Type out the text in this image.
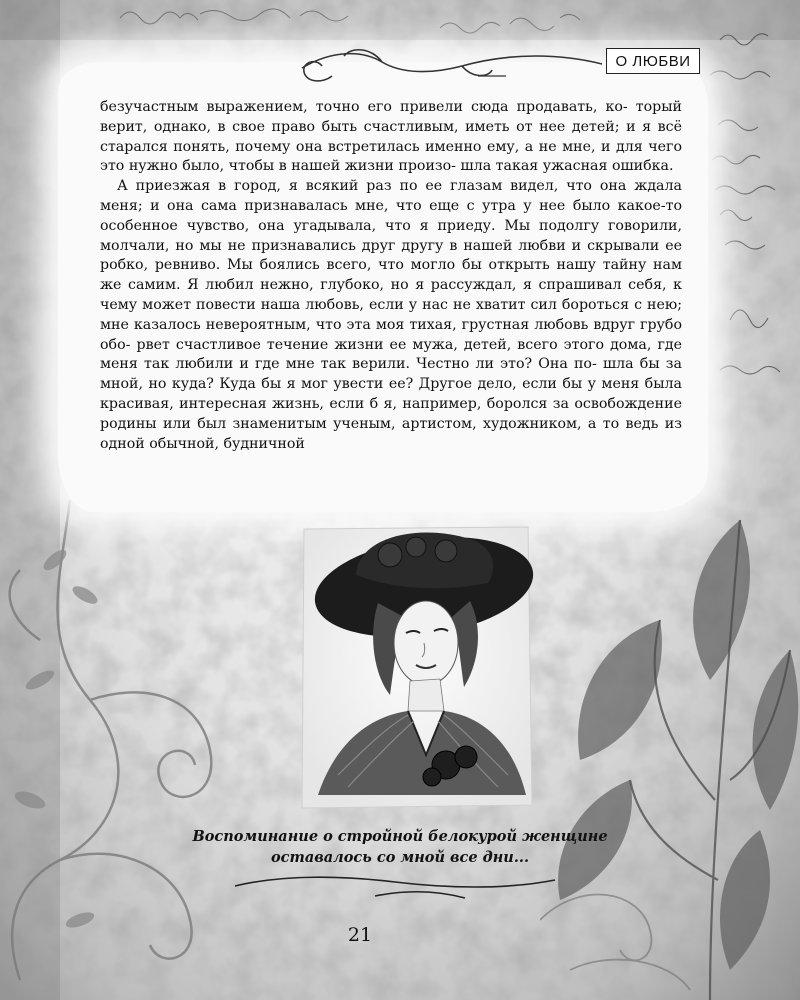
О ЛЮБВИ

безучастным выражением, точно его привели сюда продавать, ко- торый верит, однако, в свое право быть счастливым, иметь от нее детей; и я всё старался понять, почему она встретилась именно ему, а не мне, и для чего это нужно было, чтобы в нашей жизни произо- шла такая ужасная ошибка.

А приезжая в город, я всякий раз по ее глазам видел, что она ждала меня; и она сама признавалась мне, что еще с утра у нее было какое-то особенное чувство, она угадывала, что я приеду. Мы подолгу говорили, молчали, но мы не признавались друг другу в нашей любви и скрывали ее робко, ревниво. Мы боялись всего, что могло бы открыть нашу тайну нам же самим. Я любил нежно, глубоко, но я рассуждал, я спрашивал себя, к чему может повести наша любовь, если у нас не хватит сил бороться с нею; мне казалось невероятным, что эта моя тихая, грустная любовь вдруг грубо обо- рвет счастливое течение жизни ее мужа, детей, всего этого дома, где меня так любили и где мне так верили. Честно ли это? Она по- шла бы за мной, но куда? Куда бы я мог увести ее? Другое дело, если бы у меня была красивая, интересная жизнь, если б я, например, боролся за освобождение родины или был знаменитым ученым, артистом, художником, а то ведь из одной обычной, будничной

Воспоминание о стройной белокурой женщине
оставалось со мной все дни...
21
